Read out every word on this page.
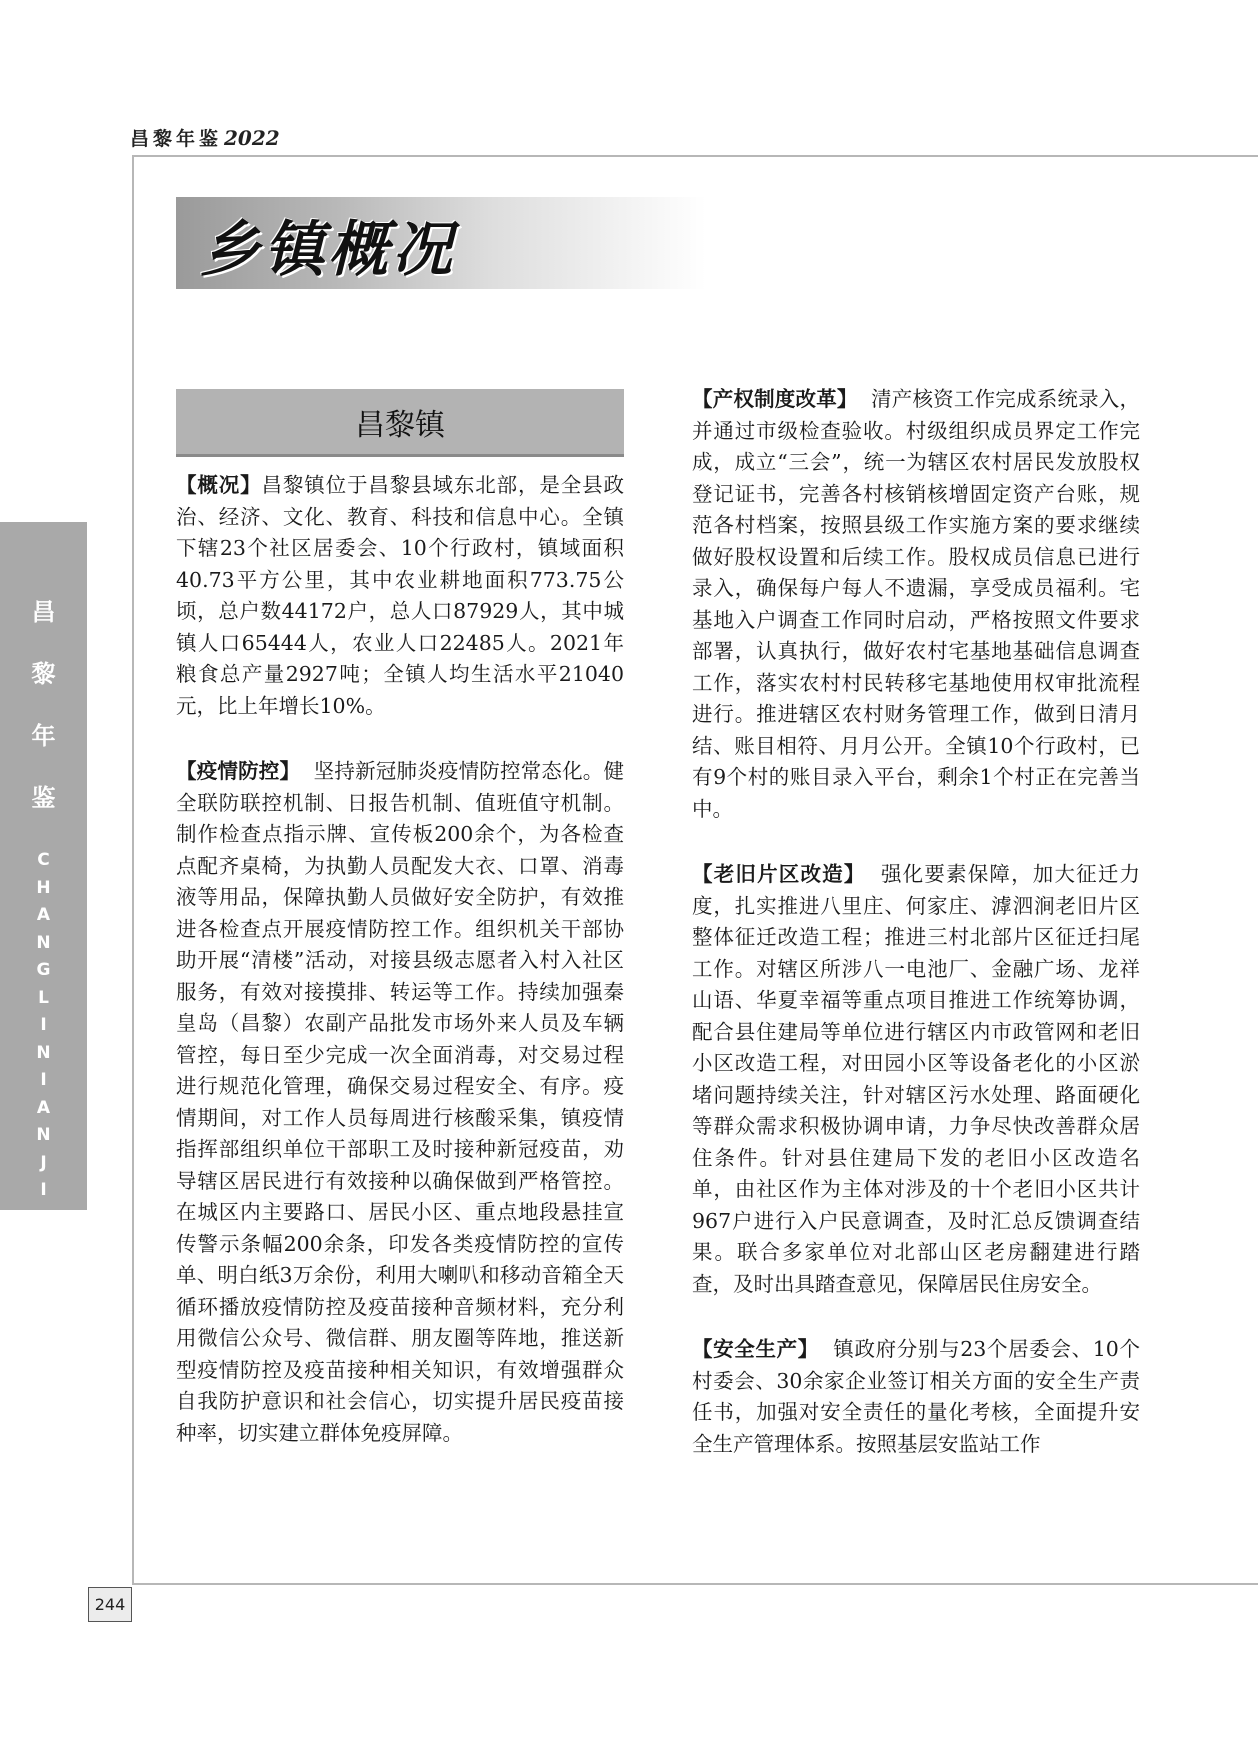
昌黎年鉴 2022
乡镇概况
昌
黎
年
鉴
C
H
A
N
G
L
I
N
I
A
N
J
I
A
N
昌黎镇

【概况】昌黎镇位于昌黎县域东北部，是全县政治、经济、文化、教育、科技和信息中心。全镇下辖23个社区居委会、10个行政村，镇域面积40.73平方公里，其中农业耕地面积773.75公顷，总户数44172户，总人口87929人，其中城镇人口65444人，农业人口22485人。2021年粮食总产量2927吨；全镇人均生活水平21040元，比上年增长10%。

【疫情防控】 坚持新冠肺炎疫情防控常态化。健全联防联控机制、日报告机制、值班值守机制。制作检查点指示牌、宣传板200余个，为各检查点配齐桌椅，为执勤人员配发大衣、口罩、消毒液等用品，保障执勤人员做好安全防护，有效推进各检查点开展疫情防控工作。组织机关干部协助开展“清楼”活动，对接县级志愿者入村入社区服务，有效对接摸排、转运等工作。持续加强秦皇岛（昌黎）农副产品批发市场外来人员及车辆管控，每日至少完成一次全面消毒，对交易过程进行规范化管理，确保交易过程安全、有序。疫情期间，对工作人员每周进行核酸采集，镇疫情指挥部组织单位干部职工及时接种新冠疫苗，劝导辖区居民进行有效接种以确保做到严格管控。在城区内主要路口、居民小区、重点地段悬挂宣传警示条幅200余条，印发各类疫情防控的宣传单、明白纸3万余份，利用大喇叭和移动音箱全天循环播放疫情防控及疫苗接种音频材料，充分利用微信公众号、微信群、朋友圈等阵地，推送新型疫情防控及疫苗接种相关知识，有效增强群众自我防护意识和社会信心，切实提升居民疫苗接种率，切实建立群体免疫屏障。

【产权制度改革】 清产核资工作完成系统录入，并通过市级检查验收。村级组织成员界定工作完成，成立“三会”，统一为辖区农村居民发放股权登记证书，完善各村核销核增固定资产台账，规范各村档案，按照县级工作实施方案的要求继续做好股权设置和后续工作。股权成员信息已进行录入，确保每户每人不遗漏，享受成员福利。宅基地入户调查工作同时启动，严格按照文件要求部署，认真执行，做好农村宅基地基础信息调查工作，落实农村村民转移宅基地使用权审批流程进行。推进辖区农村财务管理工作，做到日清月结、账目相符、月月公开。全镇10个行政村，已有9个村的账目录入平台，剩余1个村正在完善当中。

【老旧片区改造】 强化要素保障，加大征迁力度，扎实推进八里庄、何家庄、滹泗涧老旧片区整体征迁改造工程；推进三村北部片区征迁扫尾工作。对辖区所涉八一电池厂、金融广场、龙祥山语、华夏幸福等重点项目推进工作统筹协调，配合县住建局等单位进行辖区内市政管网和老旧小区改造工程，对田园小区等设备老化的小区淤堵问题持续关注，针对辖区污水处理、路面硬化等群众需求积极协调申请，力争尽快改善群众居住条件。针对县住建局下发的老旧小区改造名单，由社区作为主体对涉及的十个老旧小区共计967户进行入户民意调查，及时汇总反馈调查结果。联合多家单位对北部山区老房翻建进行踏查，及时出具踏查意见，保障居民住房安全。

【安全生产】 镇政府分别与23个居委会、10个村委会、30余家企业签订相关方面的安全生产责任书，加强对安全责任的量化考核，全面提升安全生产管理体系。按照基层安监站工作

244
